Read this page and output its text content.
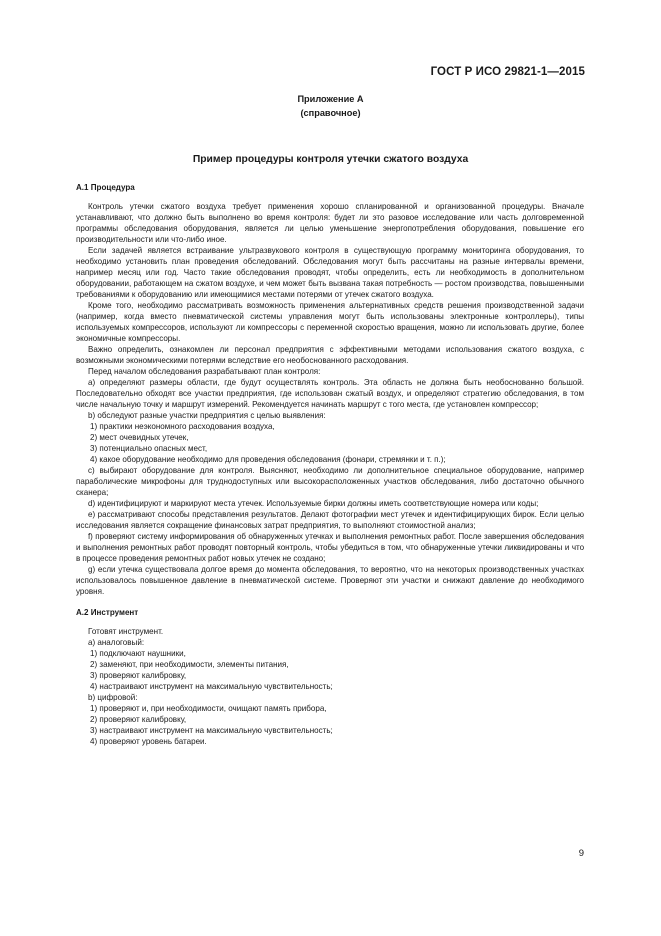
ГОСТ Р ИСО 29821-1—2015
Приложение А
(справочное)
Пример процедуры контроля утечки сжатого воздуха
А.1 Процедура

Контроль утечки сжатого воздуха требует применения хорошо спланированной и организованной процедуры. Вначале устанавливают, что должно быть выполнено во время контроля: будет ли это разовое исследование или часть долговременной программы обследования оборудования, является ли целью уменьшение энергопотребления оборудования, повышение его производительности или что-либо иное.

Если задачей является встраивание ультразвукового контроля в существующую программу мониторинга оборудования, то необходимо установить план проведения обследований. Обследования могут быть рассчитаны на разные интервалы времени, например месяц или год. Часто такие обследования проводят, чтобы определить, есть ли необходимость в дополнительном оборудовании, работающем на сжатом воздухе, и чем может быть вызвана такая потребность — ростом производства, повышенными требованиями к оборудованию или имеющимися местами потерями от утечек сжатого воздуха.

Кроме того, необходимо рассматривать возможность применения альтернативных средств решения производственной задачи (например, когда вместо пневматической системы управления могут быть использованы электронные контроллеры), типы используемых компрессоров, используют ли компрессоры с переменной скоростью вращения, можно ли использовать другие, более экономичные компрессоры.

Важно определить, ознакомлен ли персонал предприятия с эффективными методами использования сжатого воздуха, с возможными экономическими потерями вследствие его необоснованного расходования.

Перед началом обследования разрабатывают план контроля:

а) определяют размеры области, где будут осуществлять контроль. Эта область не должна быть необоснованно большой. Последовательно обходят все участки предприятия, где использован сжатый воздух, и определяют стратегию обследования, в том числе начальную точку и маршрут измерений. Рекомендуется начинать маршрут с того места, где установлен компрессор;

b) обследуют разные участки предприятия с целью выявления:

1) практики неэкономного расходования воздуха,

2) мест очевидных утечек,

3) потенциально опасных мест,

4) какое оборудование необходимо для проведения обследования (фонари, стремянки и т. п.);

c) выбирают оборудование для контроля. Выясняют, необходимо ли дополнительное специальное оборудование, например параболические микрофоны для труднодоступных или высокорасположенных участков обследования, либо достаточно обычного сканера;

d) идентифицируют и маркируют места утечек. Используемые бирки должны иметь соответствующие номера или коды;

e) рассматривают способы представления результатов. Делают фотографии мест утечек и идентифицирующих бирок. Если целью исследования является сокращение финансовых затрат предприятия, то выполняют стоимостной анализ;

f) проверяют систему информирования об обнаруженных утечках и выполнения ремонтных работ. После завершения обследования и выполнения ремонтных работ проводят повторный контроль, чтобы убедиться в том, что обнаруженные утечки ликвидированы и что в процессе проведения ремонтных работ новых утечек не создано;

g) если утечка существовала долгое время до момента обследования, то вероятно, что на некоторых производственных участках использовалось повышенное давление в пневматической системе. Проверяют эти участки и снижают давление до необходимого уровня.

А.2 Инструмент

Готовят инструмент.

а) аналоговый:

1) подключают наушники,

2) заменяют, при необходимости, элементы питания,

3) проверяют калибровку,

4) настраивают инструмент на максимальную чувствительность;

b) цифровой:

1) проверяют и, при необходимости, очищают память прибора,

2) проверяют калибровку,

3) настраивают инструмент на максимальную чувствительность;

4) проверяют уровень батареи.

9
